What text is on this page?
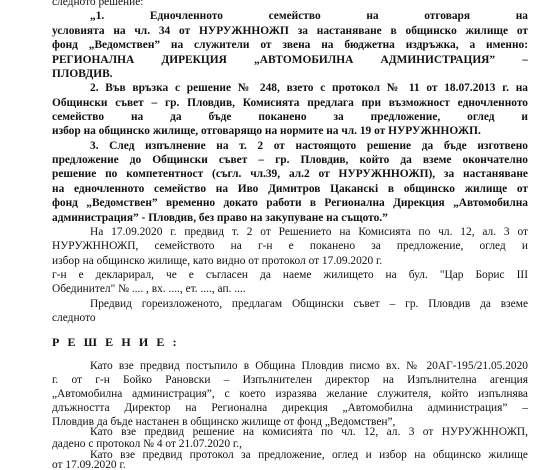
следното решение:

„1. Едночленното семейство на отговаря на

условията на чл. 34 от НУРУЖННОЖП за настаняване в общинско жилище от

фонд „Ведомствен” на служители от звена на бюджетна издръжка, а именно:

РЕГИОНАЛНА ДИРЕКЦИЯ „АВТОМОБИЛНА АДМИНИСТРАЦИЯ” –

ПЛОВДИВ.

2. Във връзка с решение № 248, взето с протокол № 11 от 18.07.2013 г. на

Общински съвет – гр. Пловдив, Комисията предлага при възможност едночленното

семейство на да бъде поканено за предложение, оглед и

избор на общинско жилище, отговарящо на нормите на чл. 19 от НУРУЖННОЖП.

3. След изпълнение на т. 2 от настоящото решение да бъде изготвено

предложение до Общински съвет – гр. Пловдив, който да вземе окончателно

решение по компетентност (съгл. чл.39, ал.2 от НУРУЖННОЖП), за настаняване

на едночленното семейство на Иво Димитров Цаканскi в общинско жилище от

фонд „Ведомствен” временно докато работи в Регионална Дирекция „Автомобилна

администрация” - Пловдив, без право на закупуване на същото.”

На 17.09.2020 г. предвид т. 2 от Решението на Комисията по чл. 12, ал. 3 от

НУРУЖННОЖП, семейството на г-н е поканено за предложение, оглед и

избор на общинско жилище, като видно от протокол от 17.09.2020 г.

г-н е декларирал, че е съгласен да наеме жилището на бул. "Цар Борис III

Обединител" № .... , вх. ...., ет. ...., ап. ....

Предвид гореизложеното, предлагам Общински съвет – гр. Пловдив да вземе

следното

Р Е Ш Е Н И Е :

Като взе предвид постъпило в Община Пловдив писмо вх. № 20АГ-195/21.05.2020

г. от г-н Бойко Рановски – Изпълнителен директор на Изпълнителна агенция

„Автомобилна администрация”, с което изразява желание служителя, който изпълнява

длъжността Директор на Регионална дирекция „Автомобилна администрация” –

Пловдив да бъде настанен в общинско жилище от фонд „Ведомствен”,

Като взе предвид решение на комисията по чл. 12, ал. 3 от НУРУЖННОЖП,

дадено с протокол № 4 от 21.07.2020 г.,

Като взе предвид протокол за предложение, оглед и избор на общинско жилище

от 17.09.2020 г.
